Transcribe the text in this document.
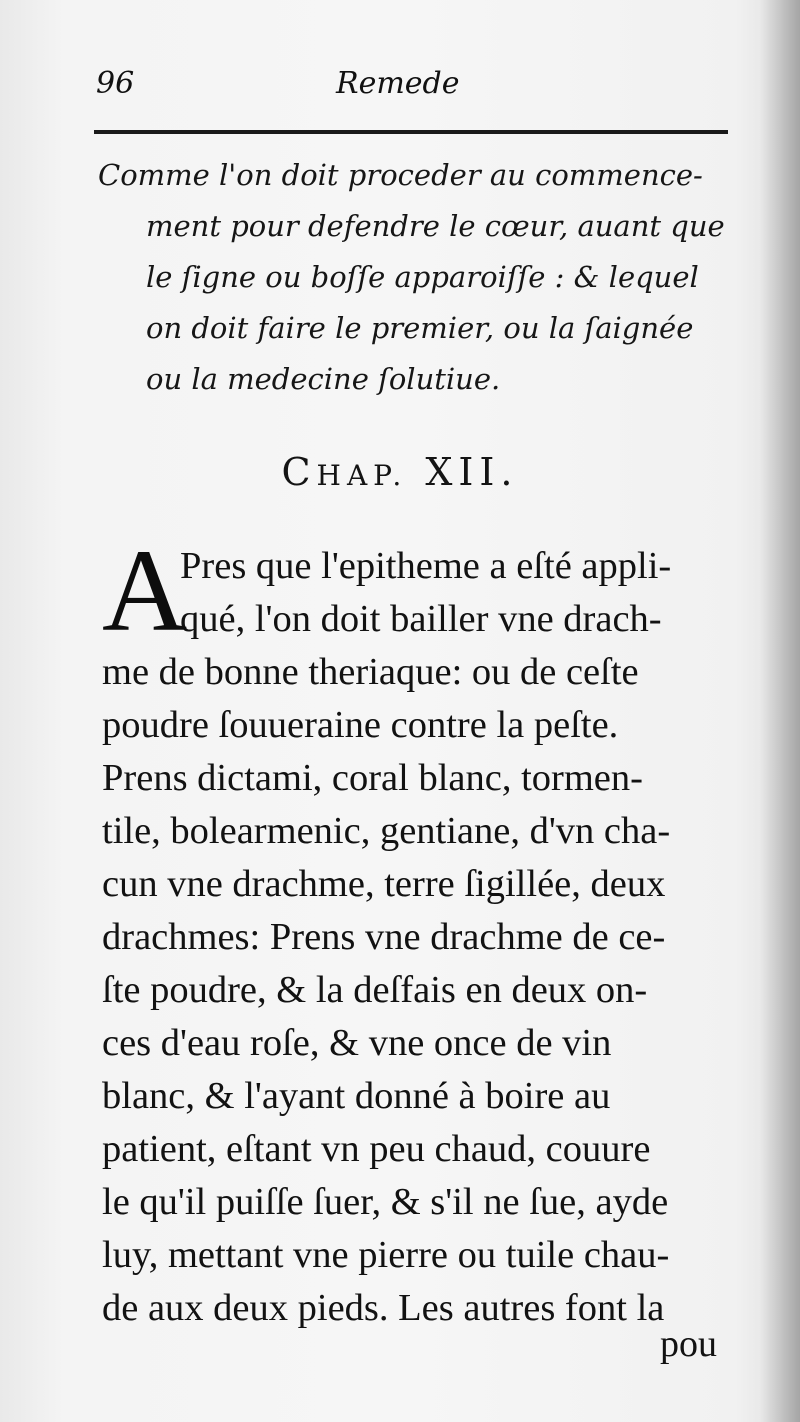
96	Remede
Comme l'on doit proceder au commence-
ment pour defendre le cœur, auant que
le ſigne ou boſſe apparoiſſe : & lequel
on doit faire le premier, ou la ſaignée
ou la medecine ſolutiue.
CHAP. XII.
A
Pres que l'epitheme a eſté appli-
qué, l'on doit bailler vne drach-
me de bonne theriaque: ou de ceſte
poudre ſouueraine contre la peſte.
Prens dictami, coral blanc, tormen-
tile, bolearmenic, gentiane, d'vn cha-
cun vne drachme, terre ſigillée, deux
drachmes: Prens vne drachme de ce-
ſte poudre, & la deſfais en deux on-
ces d'eau roſe, & vne once de vin
blanc, & l'ayant donné à boire au
patient, eſtant vn peu chaud, couure
le qu'il puiſſe ſuer, & s'il ne ſue, ayde
luy, mettant vne pierre ou tuile chau-
de aux deux pieds. Les autres font la
pou
